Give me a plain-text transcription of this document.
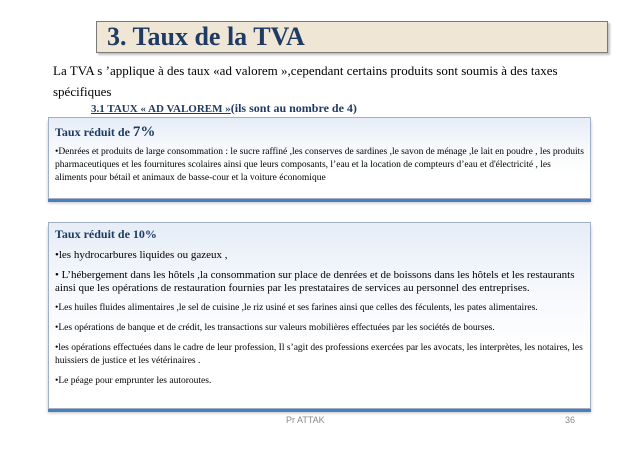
3. Taux de la TVA
La TVA s ’applique à des taux «ad valorem »,cependant certains produits sont soumis à des taxes spécifiques
3.1 TAUX « AD VALOREM »(ils sont au nombre de 4)
Taux réduit de 7%

•Denrées et produits de large consommation : le sucre raffiné ,les conserves de sardines ,le savon de ménage ,le lait en poudre , les produits pharmaceutiques et les fournitures scolaires ainsi que leurs composants, l’eau et la location de compteurs d’eau et d'électricité , les aliments pour bétail et animaux de basse-cour et la voiture économique

Taux réduit de 10%

•les hydrocarbures liquides ou gazeux ,

• L’hébergement dans les hôtels ,la consommation sur place de denrées et de boissons dans les hôtels et les restaurants ainsi que les opérations de restauration fournies par les prestataires de services au personnel des entreprises.

•Les huiles fluides alimentaires ,le sel de cuisine ,le riz usiné et ses farines ainsi que celles des féculents, les pates alimentaires.

•Les opérations de banque et de crédit, les transactions sur valeurs mobilières effectuées par les sociétés de bourses.

•les opérations effectuées dans le cadre de leur profession, Il s’agit des professions exercées par les avocats, les interprètes, les notaires, les huissiers de justice et les vétérinaires .

•Le péage pour emprunter les autoroutes.

Pr ATTAK	36
